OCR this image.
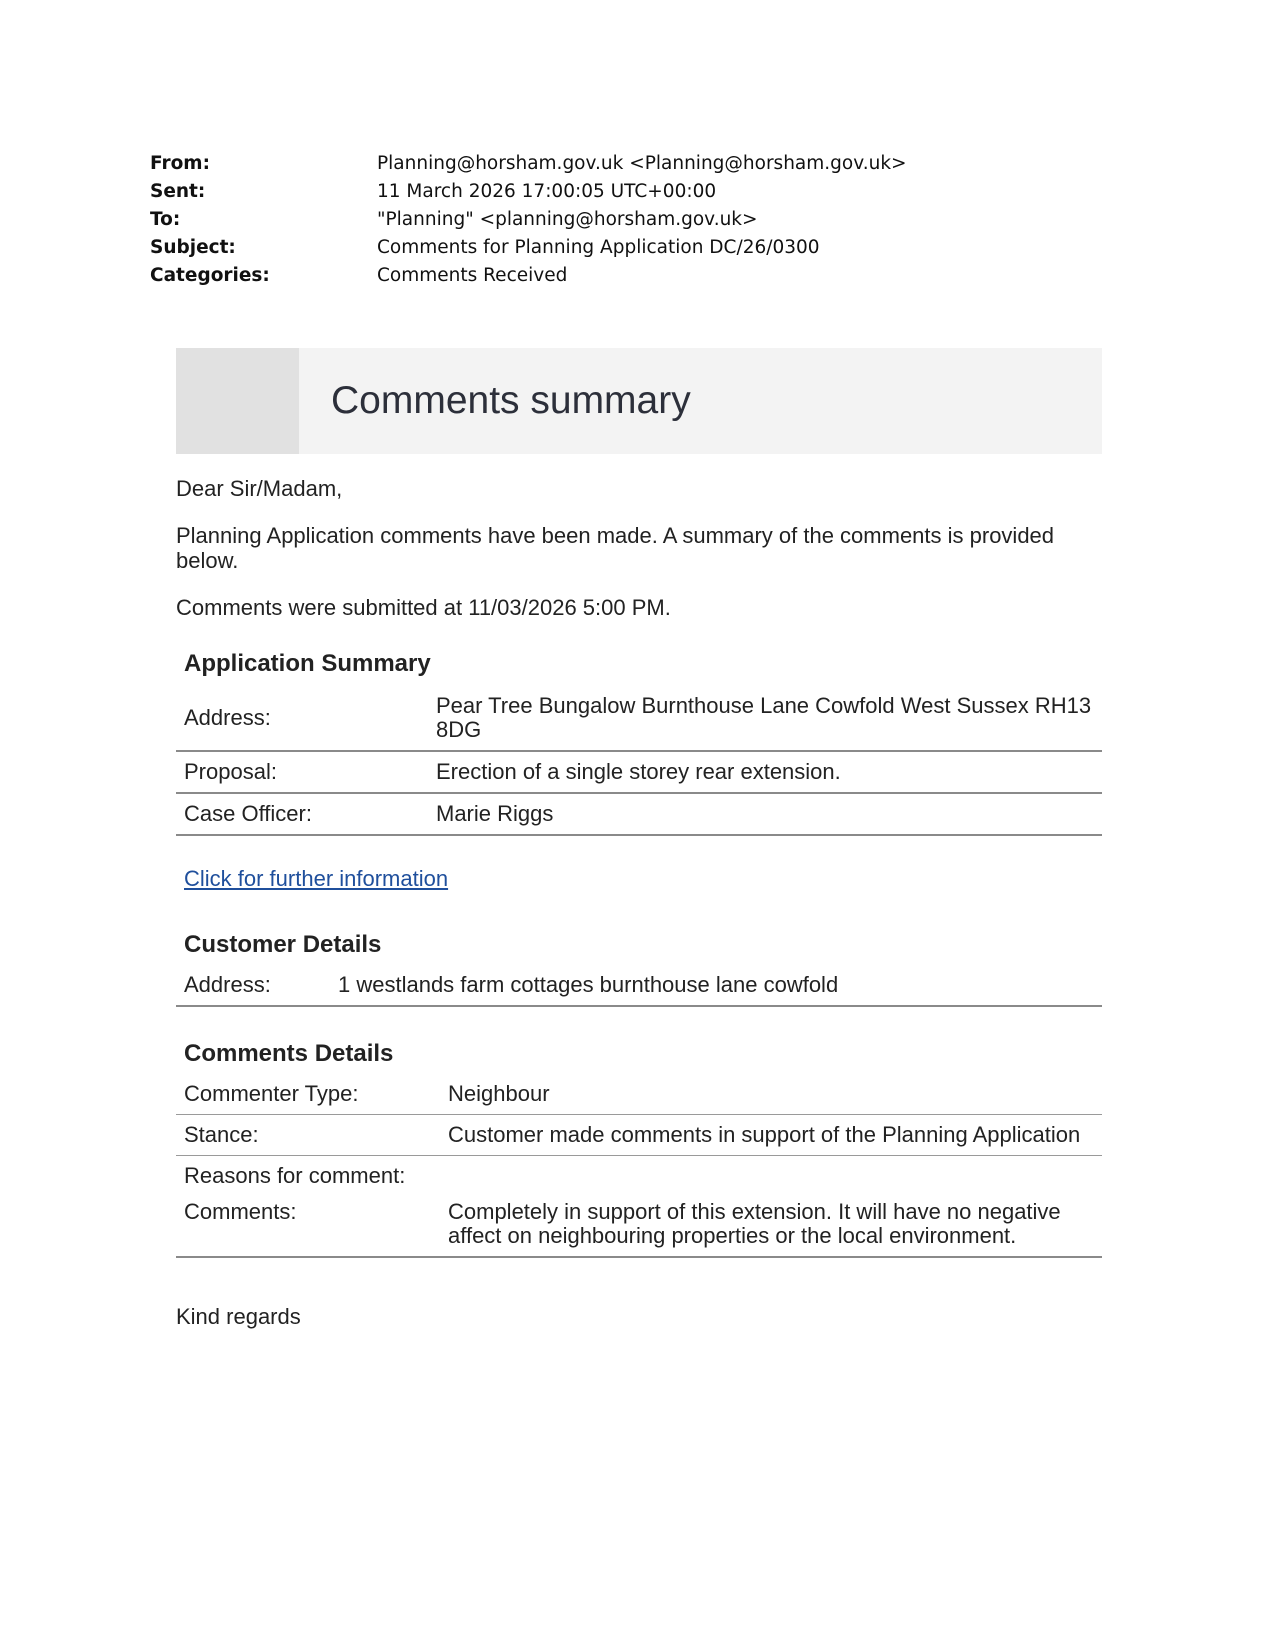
From:	Planning@horsham.gov.uk <Planning@horsham.gov.uk>
Sent:	11 March 2026 17:00:05 UTC+00:00
To:	"Planning" <planning@horsham.gov.uk>
Subject:	Comments for Planning Application DC/26/0300
Categories:	Comments Received
Comments summary

Dear Sir/Madam,

Planning Application comments have been made. A summary of the comments is provided below.

Comments were submitted at 11/03/2026 5:00 PM.

Application Summary
Address:	Pear Tree Bungalow Burnthouse Lane Cowfold West Sussex RH13 8DG
Proposal:	Erection of a single storey rear extension.
Case Officer:	Marie Riggs
Click for further information
Customer Details
Address:	1 westlands farm cottages burnthouse lane cowfold
Comments Details
Commenter Type:	Neighbour
Stance:	Customer made comments in support of the Planning Application
Reasons for comment:	
Comments:	Completely in support of this extension. It will have no negative affect on neighbouring properties or the local environment.

Kind regards
